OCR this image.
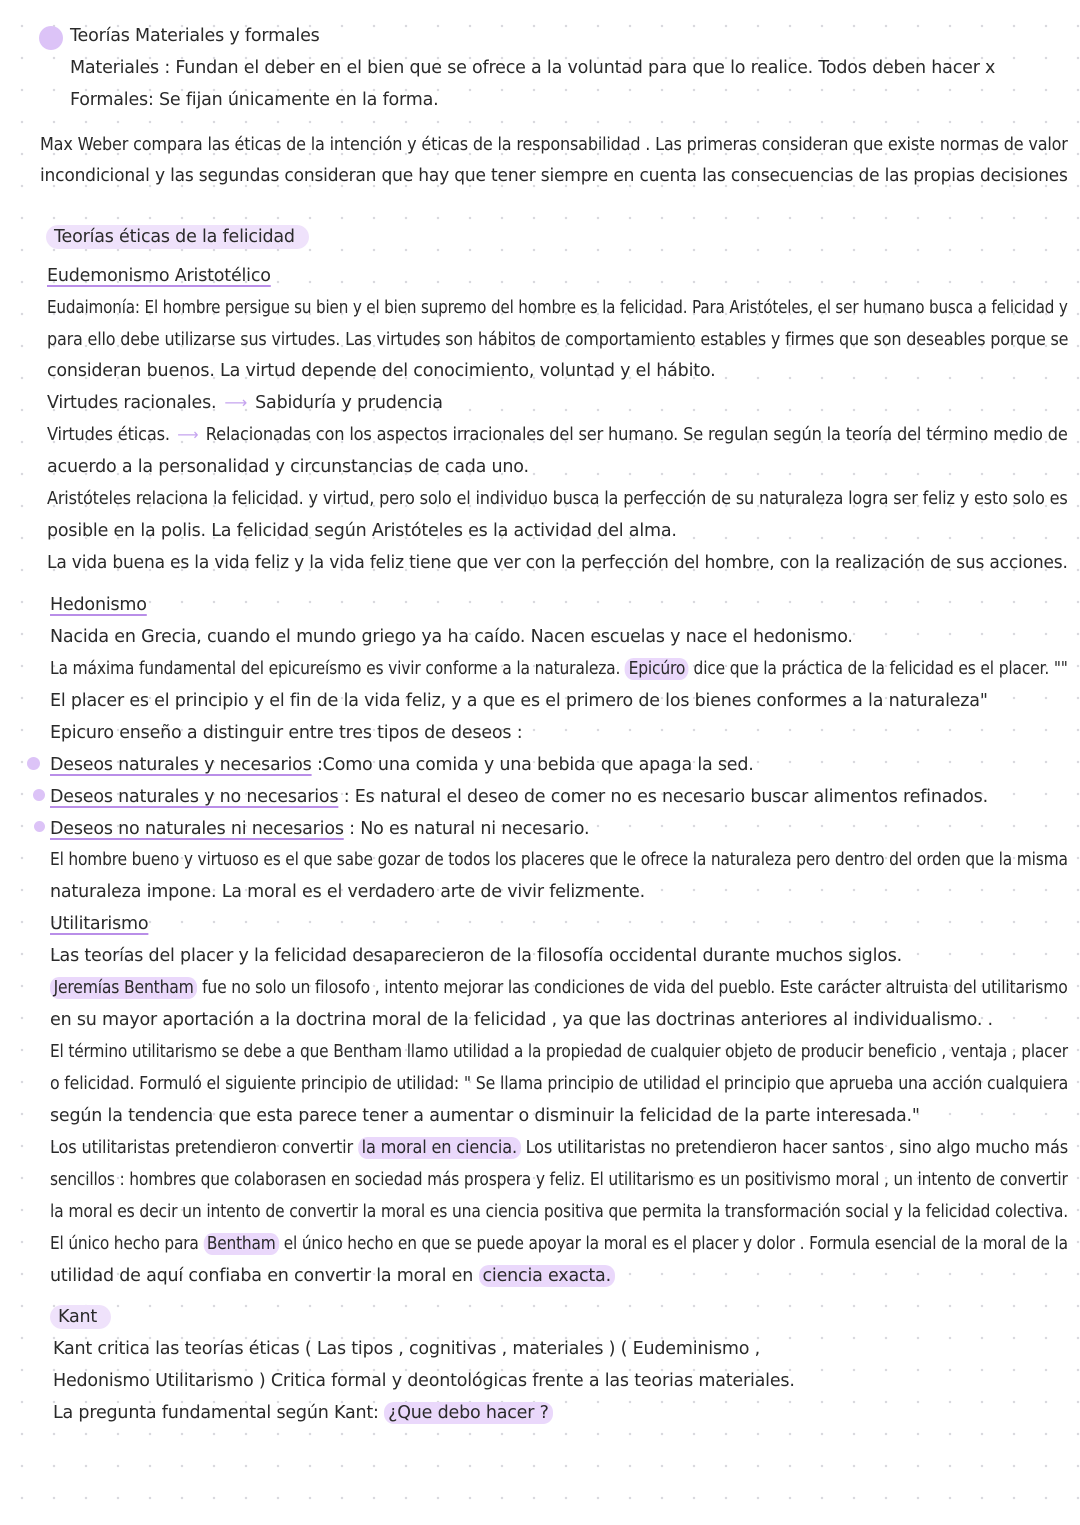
Teorías Materiales y formales
Materiales : Fundan el deber en el bien que se ofrece a la voluntad para que lo realice. Todos deben hacer x
Formales: Se fijan únicamente en la forma.
Max Weber compara las éticas de la intención y éticas de la responsabilidad . Las primeras consideran que existe normas de valor
incondicional y las segundas consideran que hay que tener siempre en cuenta las consecuencias de las propias decisiones
Teorías éticas de la felicidad
Eudemonismo Aristotélico
Eudaimonía: El hombre persigue su bien y el bien supremo del hombre es la felicidad. Para Aristóteles, el ser humano busca a felicidad y
para ello debe utilizarse sus virtudes. Las virtudes son hábitos de comportamiento estables y firmes que son deseables porque se
consideran buenos. La virtud depende del conocimiento, voluntad y el hábito.
Virtudes racionales. ⟶ Sabiduría y prudencia
Virtudes éticas. ⟶ Relacionadas con los aspectos irracionales del ser humano. Se regulan según la teoría del término medio de
acuerdo a la personalidad y circunstancias de cada uno.
Aristóteles relaciona la felicidad. y virtud, pero solo el individuo busca la perfección de su naturaleza logra ser feliz y esto solo es
posible en la polis. La felicidad según Aristóteles es la actividad del alma.
La vida buena es la vida feliz y la vida feliz tiene que ver con la perfección del hombre, con la realización de sus acciones.
Hedonismo
Nacida en Grecia, cuando el mundo griego ya ha caído. Nacen escuelas y nace el hedonismo.
La máxima fundamental del epicureísmo es vivir conforme a la naturaleza. Epicúro dice que la práctica de la felicidad es el placer. ""
El placer es el principio y el fin de la vida feliz, y a que es el primero de los bienes conformes a la naturaleza"
Epicuro enseño a distinguir entre tres tipos de deseos :
Deseos naturales y necesarios :Como una comida y una bebida que apaga la sed.
Deseos naturales y no necesarios : Es natural el deseo de comer no es necesario buscar alimentos refinados.
Deseos no naturales ni necesarios : No es natural ni necesario.
El hombre bueno y virtuoso es el que sabe gozar de todos los placeres que le ofrece la naturaleza pero dentro del orden que la misma
naturaleza impone. La moral es el verdadero arte de vivir felizmente.
Utilitarismo
Las teorías del placer y la felicidad desaparecieron de la filosofía occidental durante muchos siglos.
Jeremías Bentham fue no solo un filosofo , intento mejorar las condiciones de vida del pueblo. Este carácter altruista del utilitarismo
en su mayor aportación a la doctrina moral de la felicidad , ya que las doctrinas anteriores al individualismo. .
El término utilitarismo se debe a que Bentham llamo utilidad a la propiedad de cualquier objeto de producir beneficio , ventaja , placer
o felicidad. Formuló el siguiente principio de utilidad: " Se llama principio de utilidad el principio que aprueba una acción cualquiera
según la tendencia que esta parece tener a aumentar o disminuir la felicidad de la parte interesada."
Los utilitaristas pretendieron convertir la moral en ciencia. Los utilitaristas no pretendieron hacer santos , sino algo mucho más
sencillos : hombres que colaborasen en sociedad más prospera y feliz. El utilitarismo es un positivismo moral , un intento de convertir
la moral es decir un intento de convertir la moral es una ciencia positiva que permita la transformación social y la felicidad colectiva.
El único hecho para Bentham el único hecho en que se puede apoyar la moral es el placer y dolor . Formula esencial de la moral de la
utilidad de aquí confiaba en convertir la moral en ciencia exacta.
Kant
Kant critica las teorías éticas ( Las tipos , cognitivas , materiales ) ( Eudeminismo ,
Hedonismo Utilitarismo ) Critica formal y deontológicas frente a las teorias materiales.
La pregunta fundamental según Kant: ¿Que debo hacer ?
